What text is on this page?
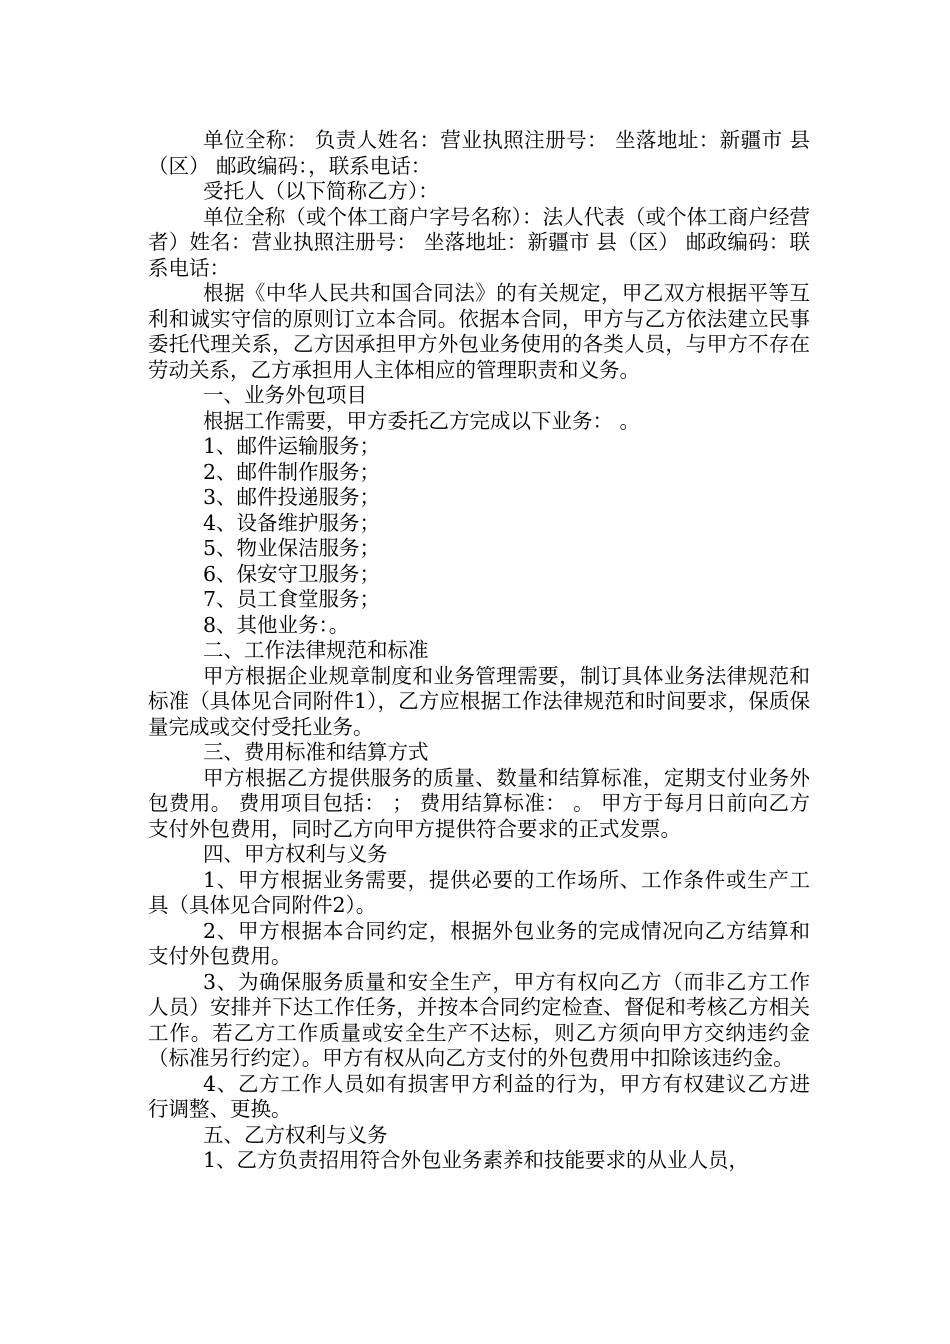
单位全称： 负责人姓名：营业执照注册号： 坐落地址：新疆市 县（区） 邮政编码：，联系电话：

受托人（以下简称乙方）：

单位全称（或个体工商户字号名称）：法人代表（或个体工商户经营者）姓名：营业执照注册号： 坐落地址：新疆市 县（区） 邮政编码：联系电话：

根据《中华人民共和国合同法》的有关规定，甲乙双方根据平等互利和诚实守信的原则订立本合同。依据本合同，甲方与乙方依法建立民事委托代理关系，乙方因承担甲方外包业务使用的各类人员，与甲方不存在劳动关系，乙方承担用人主体相应的管理职责和义务。

一、业务外包项目

根据工作需要，甲方委托乙方完成以下业务： 。

1、邮件运输服务；

2、邮件制作服务；

3、邮件投递服务；

4、设备维护服务；

5、物业保洁服务；

6、保安守卫服务；

7、员工食堂服务；

8、其他业务：。

二、工作法律规范和标准

甲方根据企业规章制度和业务管理需要，制订具体业务法律规范和标准（具体见合同附件1），乙方应根据工作法律规范和时间要求，保质保量完成或交付受托业务。

三、费用标准和结算方式

甲方根据乙方提供服务的质量、数量和结算标准，定期支付业务外包费用。 费用项目包括： ； 费用结算标准： 。 甲方于每月日前向乙方支付外包费用，同时乙方向甲方提供符合要求的正式发票。

四、甲方权利与义务

1、甲方根据业务需要，提供必要的工作场所、工作条件或生产工具（具体见合同附件2）。

2、甲方根据本合同约定，根据外包业务的完成情况向乙方结算和支付外包费用。

3、为确保服务质量和安全生产，甲方有权向乙方（而非乙方工作人员）安排并下达工作任务，并按本合同约定检查、督促和考核乙方相关工作。若乙方工作质量或安全生产不达标，则乙方须向甲方交纳违约金（标准另行约定）。甲方有权从向乙方支付的外包费用中扣除该违约金。

4、乙方工作人员如有损害甲方利益的行为，甲方有权建议乙方进行调整、更换。

五、乙方权利与义务

1、乙方负责招用符合外包业务素养和技能要求的从业人员，
